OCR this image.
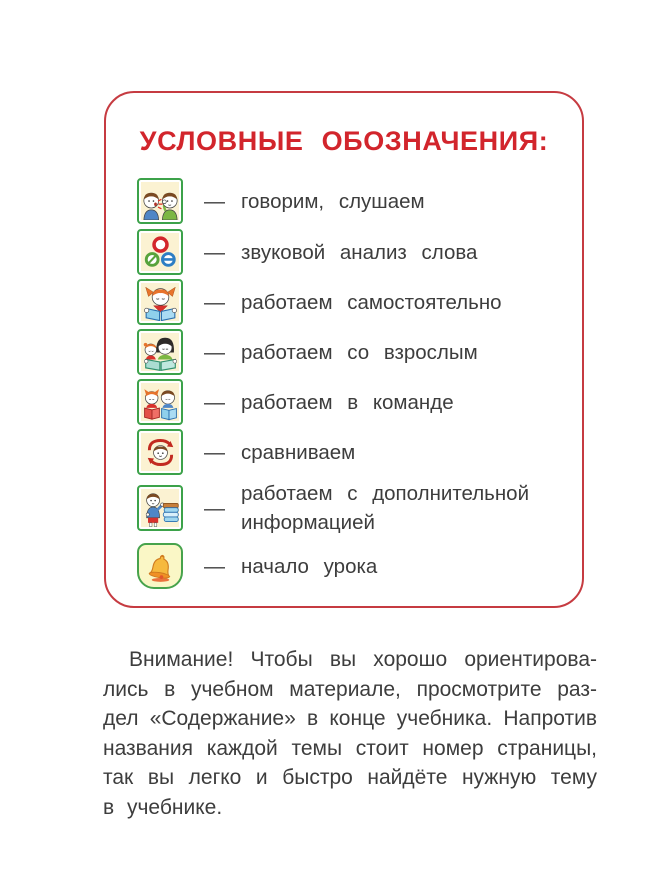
УСЛОВНЫЕ ОБОЗНАЧЕНИЯ:
— говорим, слушаем
— звуковой анализ слова
— работаем самостоятельно
— работаем со взрослым
— работаем в команде
— сравниваем
—
работаем с дополнительной информацией
— начало урока
Внимание! Чтобы вы хорошо ориентирова-
лись в учебном материале, просмотрите раз-
дел «Содержание» в конце учебника. Напротив
названия каждой темы стоит номер страницы,
так вы легко и быстро найдёте нужную тему
в учебнике.
